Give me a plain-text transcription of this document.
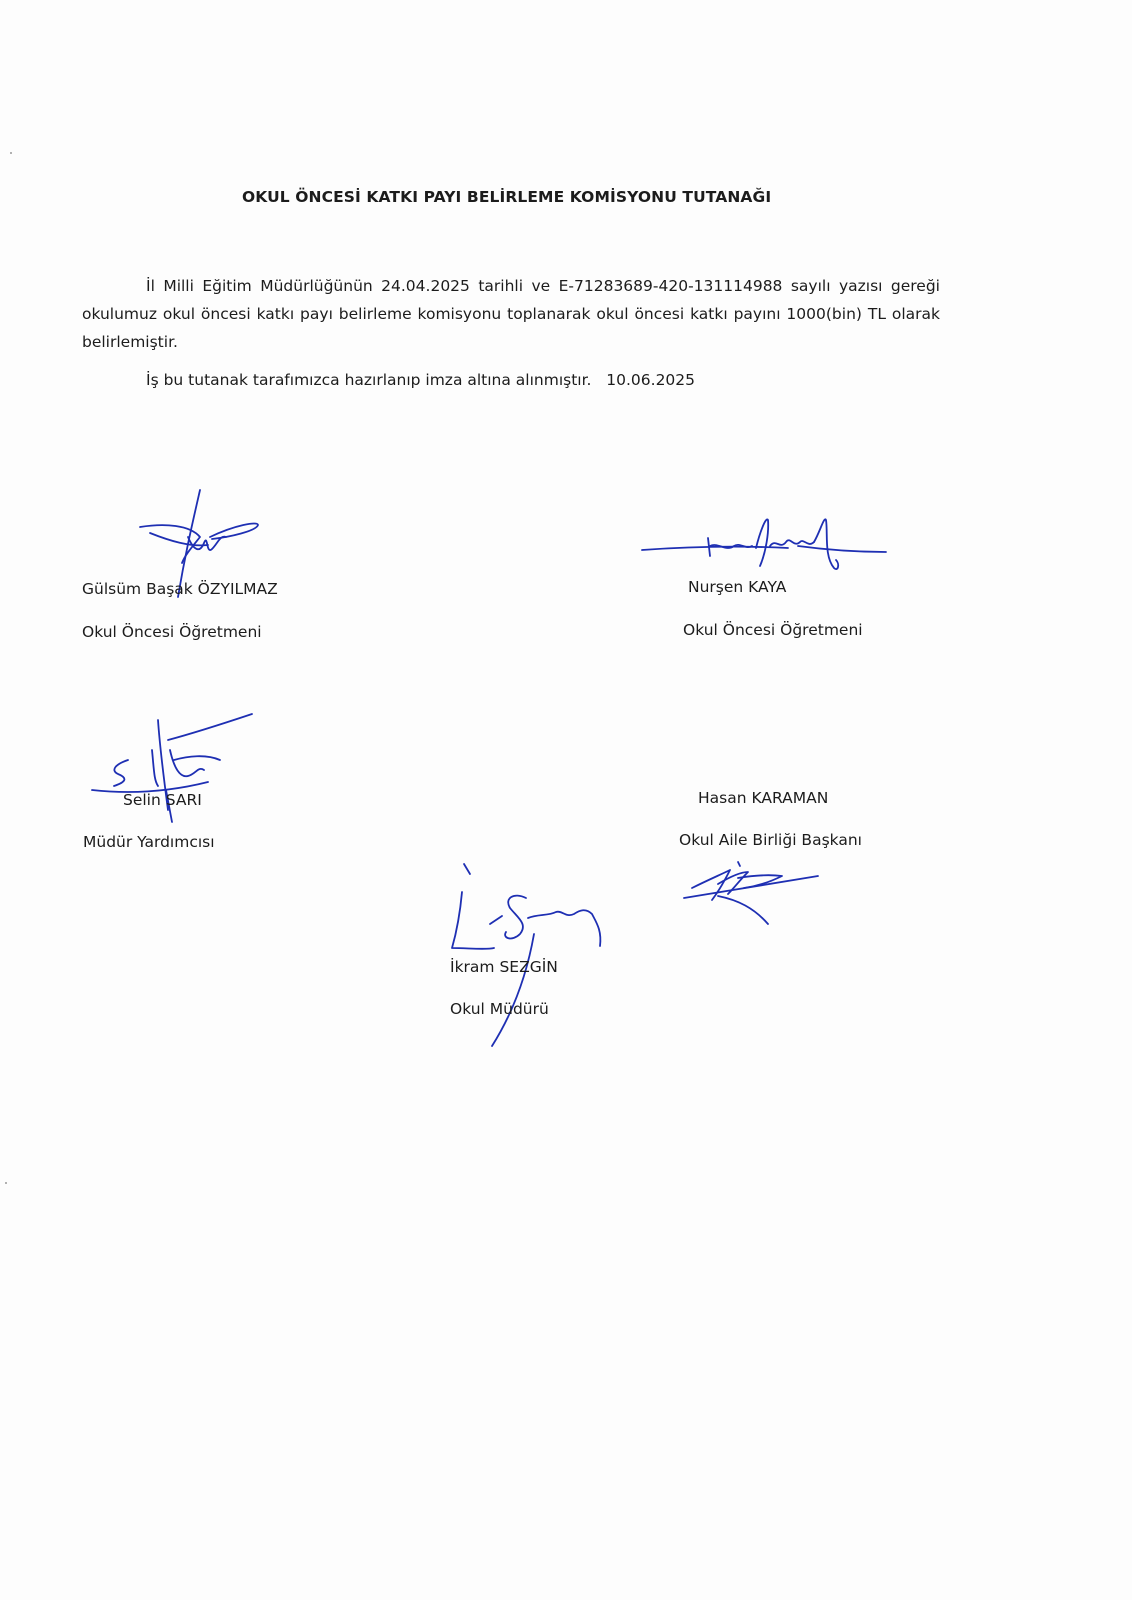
OKUL ÖNCESİ KATKI PAYI BELİRLEME KOMİSYONU TUTANAĞI
İl Milli Eğitim Müdürlüğünün 24.04.2025 tarihli ve E-71283689-420-131114988 sayılı yazısı gereği okulumuz okul öncesi katkı payı belirleme komisyonu toplanarak okul öncesi katkı payını 1000(bin) TL olarak belirlemiştir.
İş bu tutanak tarafımızca hazırlanıp imza altına alınmıştır.   10.06.2025
Gülsüm Başak ÖZYILMAZ
Okul Öncesi Öğretmeni
Nurşen KAYA
Okul Öncesi Öğretmeni
Selin SARI
Müdür Yardımcısı
Hasan KARAMAN
Okul Aile Birliği Başkanı
İkram SEZGİN
Okul Müdürü
